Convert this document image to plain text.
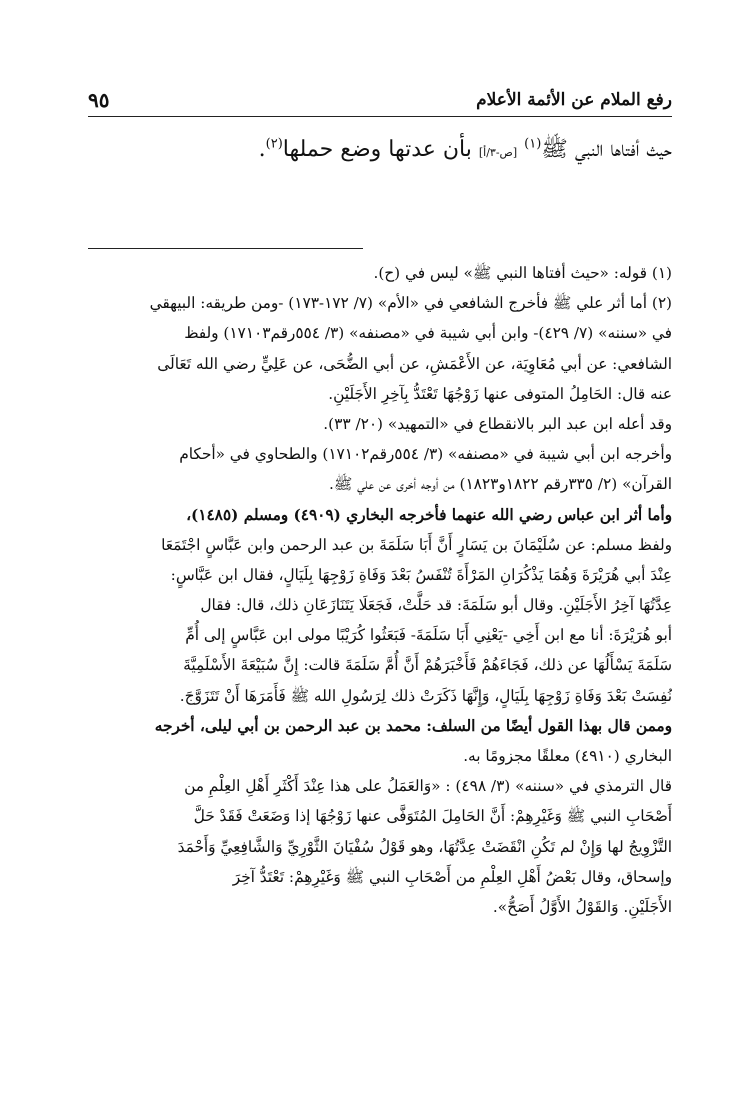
رفع الملام عن الأئمة الأعلام
٩٥
حيث أفتاها النبي ﷺ$^{(١)}$ [ص-٣/أ] بأن عدتها وضع حملها$^{(٢)}$.
(١) قوله: «حيث أفتاها النبي ﷺ» ليس في (ح).
(٢) أما أثر علي ﷺ فأخرج الشافعي في «الأم» (٧/ ١٧٢-١٧٣) -ومن طريقه: البيهقي
في «سننه» (٧/ ٤٢٩)- وابن أبي شيبة في «مصنفه» (٣/ ٥٥٤رقم١٧١٠٣) ولفظ
الشافعي: عن أبي مُعَاوِيَة، عن الأَعْمَشِ، عن أبي الضُّحَى، عن عَلِيٍّ رضي الله تَعَالَى
عنه قال: الحَامِلُ المتوفى عنها زَوْجُهَا تَعْتَدُّ بِآخِرِ الأَجَلَيْنِ.
وقد أعله ابن عبد البر بالانقطاع في «التمهيد» (٢٠/ ٣٣).
وأخرجه ابن أبي شيبة في «مصنفه» (٣/ ٥٥٤رقم١٧١٠٢) والطحاوي في «أحكام
القرآن» (٢/ ٣٣٥رقم ١٨٢٢و١٨٢٣) من أوجه أخرى عن علي ﷺ.
وأما أثر ابن عباس رضي الله عنهما فأخرجه البخاري (٤٩٠٩) ومسلم (١٤٨٥)،
ولفظ مسلم: عن سُلَيْمَانَ بن يَسَارٍ أَنَّ أَبَا سَلَمَةَ بن عبد الرحمن وابن عَبَّاسٍ اجْتَمَعَا
عِنْدَ أبي هُرَيْرَةَ وَهُمَا يَذْكُرَانِ المَرْأَةَ تُنْفَسُ بَعْدَ وَفَاةِ زَوْجِهَا بِلَيَالٍ، فقال ابن عَبَّاسٍ:
عِدَّتُهَا آخِرُ الأَجَلَيْنِ. وقال أبو سَلَمَةَ: قد حَلَّتْ، فَجَعَلَا يَتَنَازَعَانِ ذلك، قال: فقال
أبو هُرَيْرَةَ: أنا مع ابن أَخِي -يَعْنِي أَبَا سَلَمَةَ- فَبَعَثُوا كُرَيْبًا مولى ابن عَبَّاسٍ إلى أُمِّ
سَلَمَةَ يَسْأَلُهَا عن ذلك، فَجَاءَهُمْ فَأَخْبَرَهُمْ أَنَّ أُمَّ سَلَمَةَ قالت: إِنَّ سُبَيْعَةَ الأَسْلَمِيَّةَ
نُفِسَتْ بَعْدَ وَفَاةِ زَوْجِهَا بِلَيَالٍ، وَإِنَّهَا ذَكَرَتْ ذلك لِرَسُولِ الله ﷺ فَأَمَرَهَا أَنْ تَتَزَوَّجَ.
وممن قال بهذا القول أيضًا من السلف: محمد بن عبد الرحمن بن أبي ليلى، أخرجه
البخاري (٤٩١٠) معلقًا مجزومًا به.
قال الترمذي في «سننه» (٣/ ٤٩٨) : «وَالعَمَلُ على هذا عِنْدَ أَكْثَرِ أَهْلِ العِلْمِ من
أَصْحَابِ النبي ﷺ وَغَيْرِهِمْ: أَنَّ الحَامِلَ المُتَوَفَّى عنها زَوْجُهَا إذا وَضَعَتْ فَقَدْ حَلَّ
التَّزْوِيجُ لها وَإِنْ لم تَكُنِ انْقَضَتْ عِدَّتُهَا، وهو قَوْلُ سُفْيَانَ الثَّوْرِيِّ وَالشَّافِعِيِّ وَأَحْمَدَ
وإسحاق، وقال بَعْضُ أَهْلِ العِلْمِ من أَصْحَابِ النبي ﷺ وَغَيْرِهِمْ: تَعْتَدُّ آخِرَ
الأَجَلَيْنِ. وَالقَوْلُ الأَوَّلُ أَصَحُّ».
